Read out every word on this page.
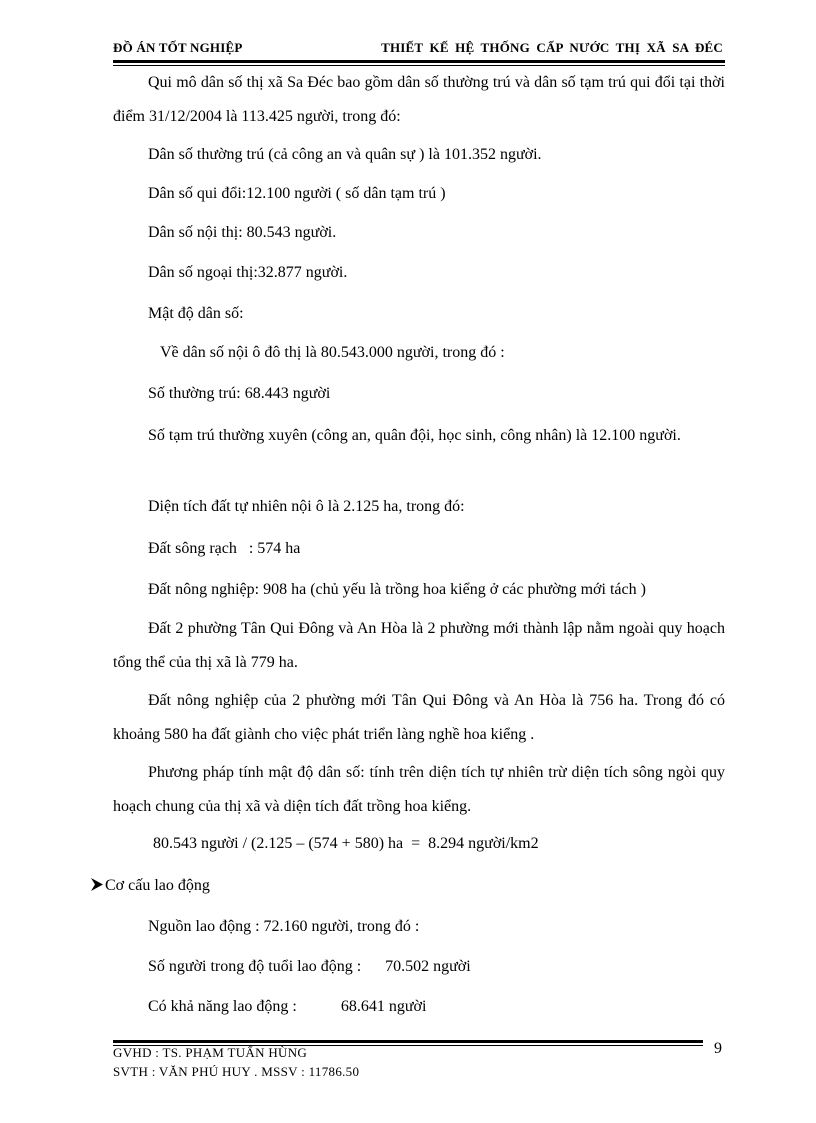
ĐỒ ÁN TỐT NGHIỆP	THIẾT KẾ HỆ THỐNG CẤP NƯỚC THỊ XÃ SA ĐÉC
Qui mô dân số thị xã Sa Đéc bao gồm dân số thường trú và dân số tạm trú qui đổi tại thời điểm 31/12/2004 là 113.425 người, trong đó:
Dân số thường trú (cả công an và quân sự ) là 101.352 người.
Dân số qui đổi:12.100 người ( số dân tạm trú )
Dân số nội thị: 80.543 người.
Dân số ngoại thị:32.877 người.
Mật độ dân số:
Về dân số nội ô đô thị là 80.543.000 người, trong đó :
Số thường trú: 68.443 người
Số tạm trú thường xuyên (công an, quân đội, học sinh, công nhân) là 12.100 người.
Diện tích đất tự nhiên nội ô là 2.125 ha, trong đó:
Đất sông rạch   : 574 ha
Đất nông nghiệp: 908 ha (chủ yếu là trồng hoa kiểng ở các phường mới tách )
Đất 2 phường Tân Qui Đông và An Hòa là 2 phường mới thành lập nằm ngoài quy hoạch tổng thể của thị xã là 779 ha.
Đất nông nghiệp của 2 phường mới Tân Qui Đông và An Hòa là 756 ha. Trong đó có khoảng 580 ha đất giành cho việc phát triển làng nghề hoa kiểng .
Phương pháp tính mật độ dân số: tính trên diện tích tự nhiên trừ diện tích sông ngòi quy hoạch chung của thị xã và diện tích đất trồng hoa kiểng.
80.543 người / (2.125 – (574 + 580) ha  =  8.294 người/km2
Cơ cấu lao động
Nguồn lao động : 72.160 người, trong đó :
Số người trong độ tuổi lao động :      70.502 người
Có khả năng lao động :           68.641 người
9
GVHD : TS. PHẠM TUẤN HÙNG
SVTH : VĂN PHÚ HUY . MSSV : 11786.50
